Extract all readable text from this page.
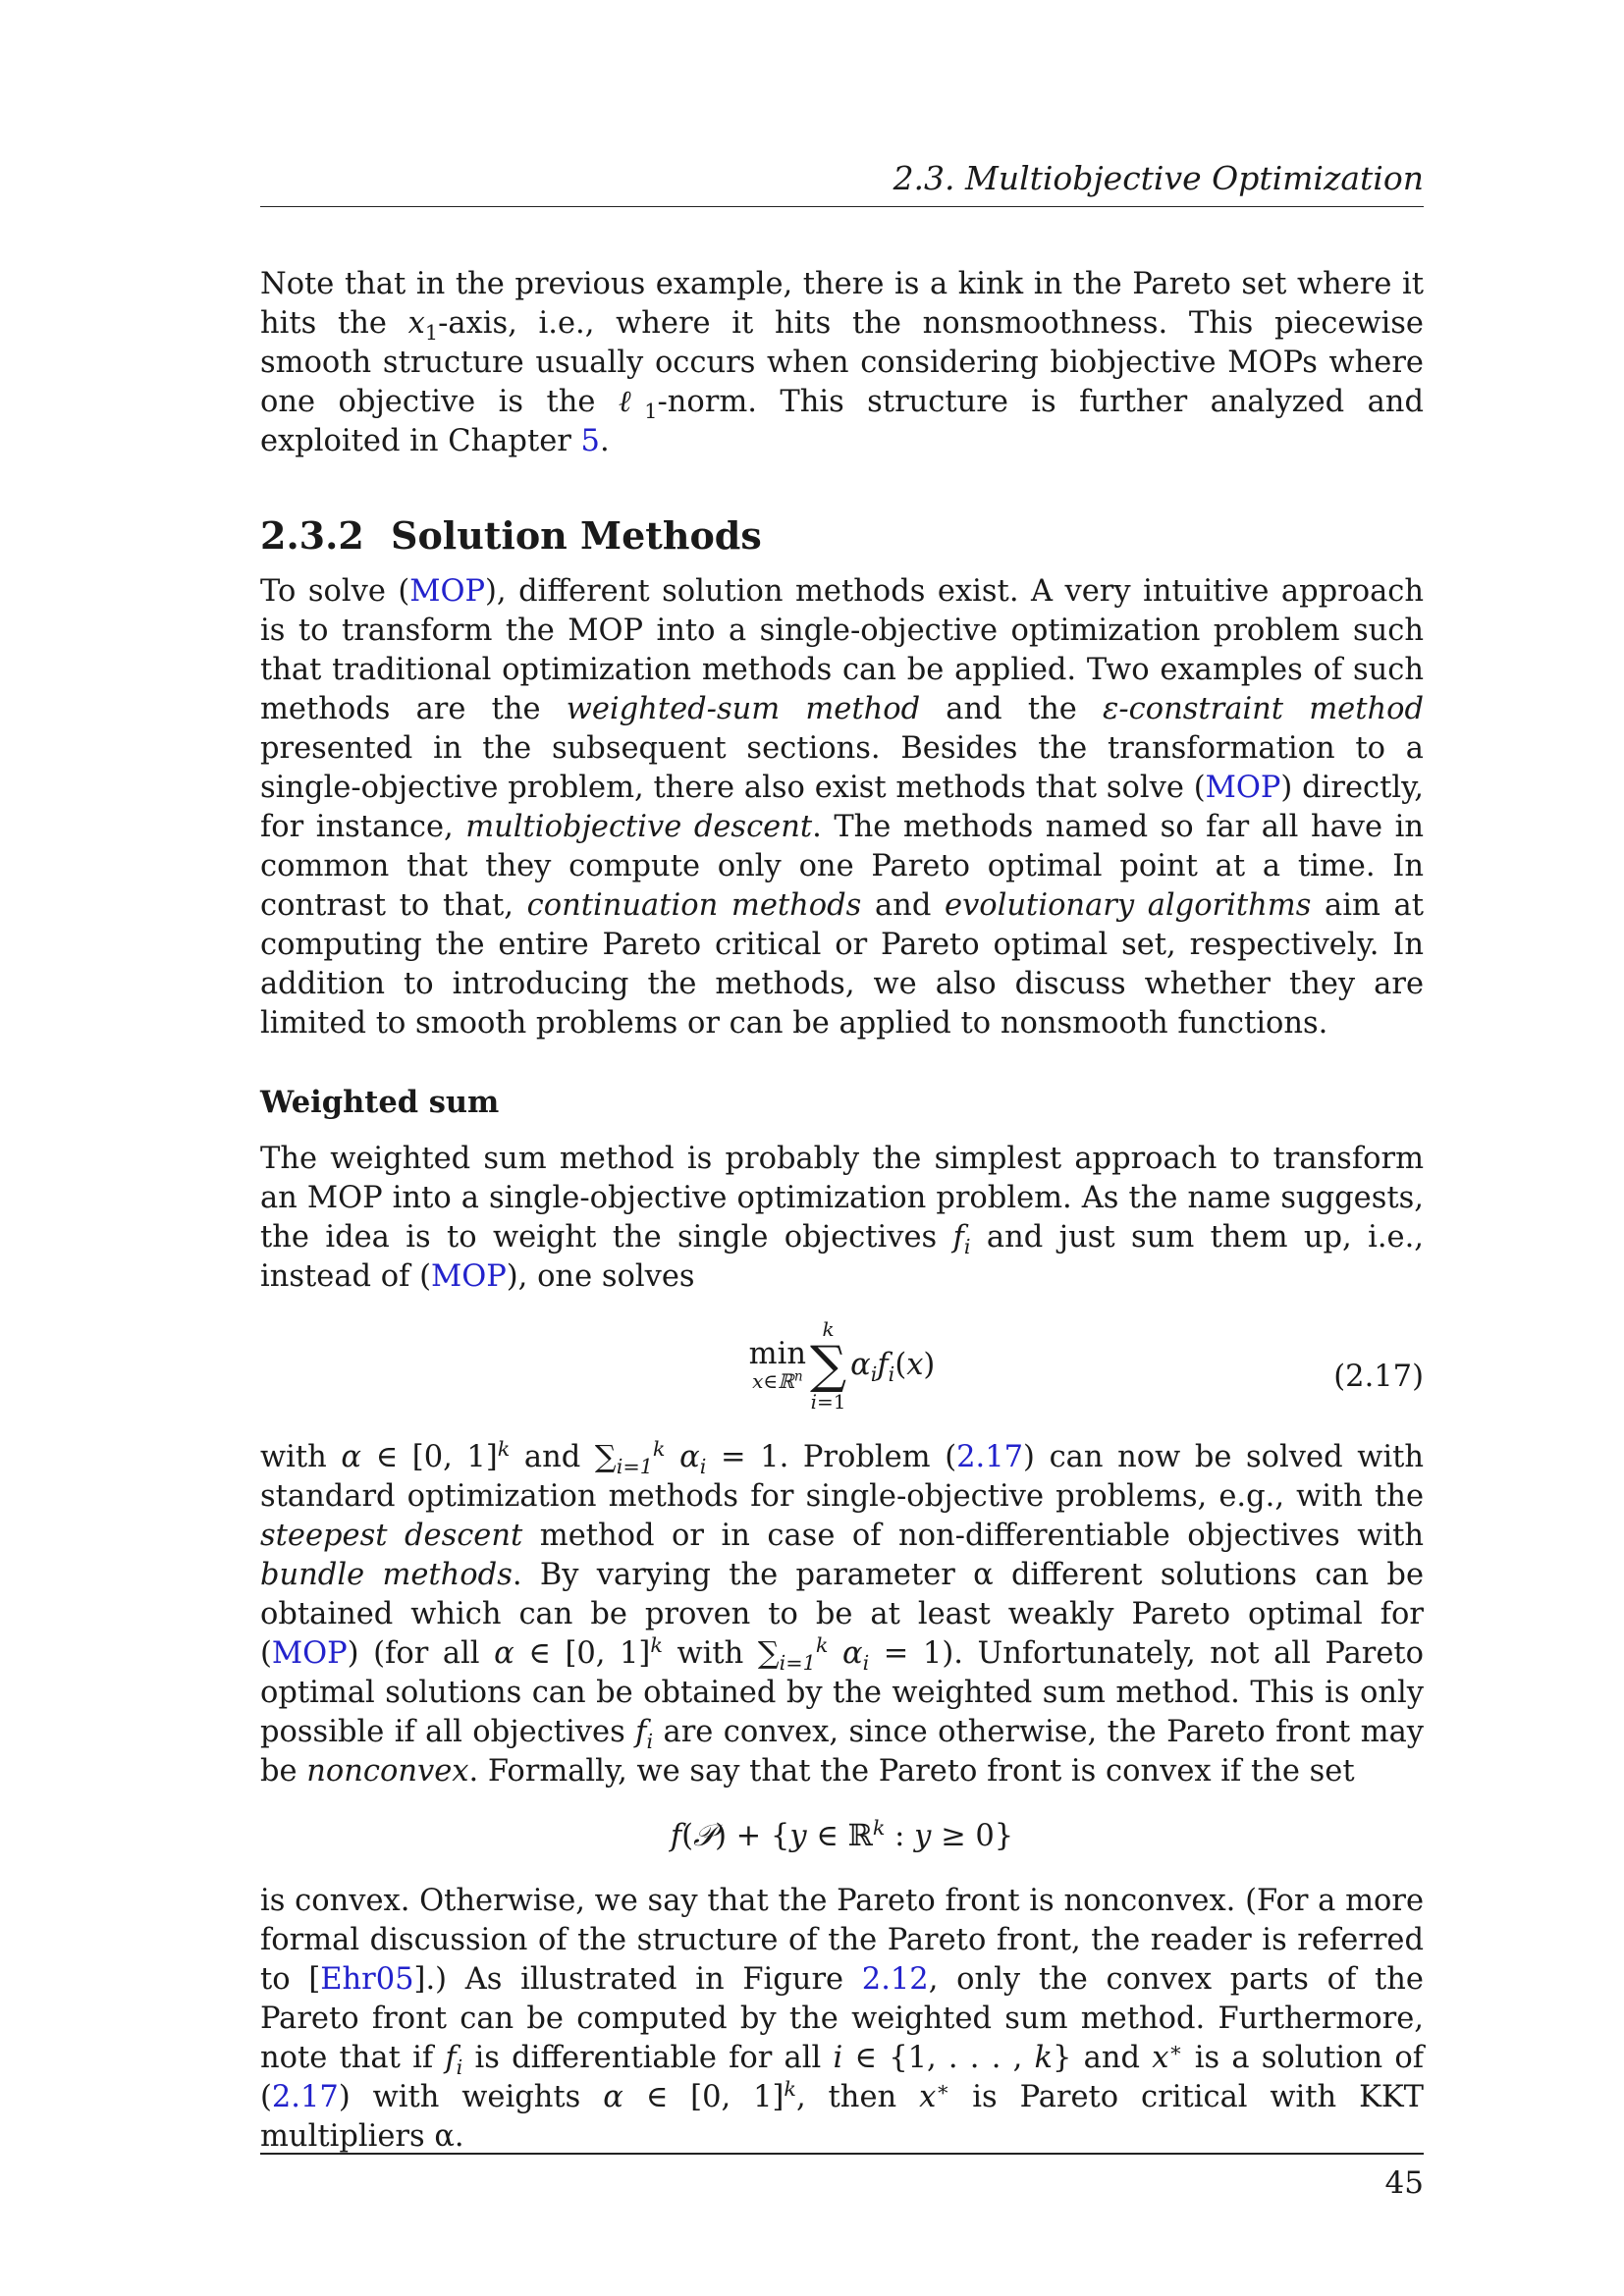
2.3. Multiobjective Optimization

Note that in the previous example, there is a kink in the Pareto set where it hits the $x_1$-axis, i.e., where it hits the nonsmoothness. This piecewise smooth structure usually occurs when considering biobjective MOPs where one objective is the ℓ$_1$-norm. This structure is further analyzed and exploited in Chapter 5.

2.3.2 Solution Methods

To solve (MOP), different solution methods exist. A very intuitive approach is to transform the MOP into a single-objective optimization problem such that traditional optimization methods can be applied. Two examples of such methods are the weighted-sum method and the ε-constraint method presented in the subsequent sections. Besides the transformation to a single-objective problem, there also exist methods that solve (MOP) directly, for instance, multiobjective descent. The methods named so far all have in common that they compute only one Pareto optimal point at a time. In contrast to that, continuation methods and evolutionary algorithms aim at computing the entire Pareto critical or Pareto optimal set, respectively. In addition to introducing the methods, we also discuss whether they are limited to smooth problems or can be applied to nonsmooth functions.

Weighted sum

The weighted sum method is probably the simplest approach to transform an MOP into a single-objective optimization problem. As the name suggests, the idea is to weight the single objectives $f_i$ and just sum them up, i.e., instead of (MOP), one solves

min
x∈ℝ$^n$
k
∑
i=1
$\alpha_if_i(x)$	(2.17)

with α ∈ [0, 1]$^k$ and $\sum_{i=1}^k$ $\alpha_i = 1$. Problem (2.17) can now be solved with standard optimization methods for single-objective problems, e.g., with the steepest descent method or in case of non-differentiable objectives with bundle methods. By varying the parameter α different solutions can be obtained which can be proven to be at least weakly Pareto optimal for (MOP) (for all α ∈ [0, 1]$^k$ with $\sum_{i=1}^k$ $\alpha_i = 1$). Unfortunately, not all Pareto optimal solutions can be obtained by the weighted sum method. This is only possible if all objectives $f_i$ are convex, since otherwise, the Pareto front may be nonconvex. Formally, we say that the Pareto front is convex if the set

f(𝒫) + {y ∈ ℝ$^k$ : y ≥ 0}

is convex. Otherwise, we say that the Pareto front is nonconvex. (For a more formal discussion of the structure of the Pareto front, the reader is referred to [Ehr05].) As illustrated in Figure 2.12, only the convex parts of the Pareto front can be computed by the weighted sum method. Furthermore, note that if $f_i$ is differentiable for all i ∈ {1, . . . , k} and x∗ is a solution of (2.17) with weights α ∈ [0, 1]$^k$, then x∗ is Pareto critical with KKT multipliers α.

45
